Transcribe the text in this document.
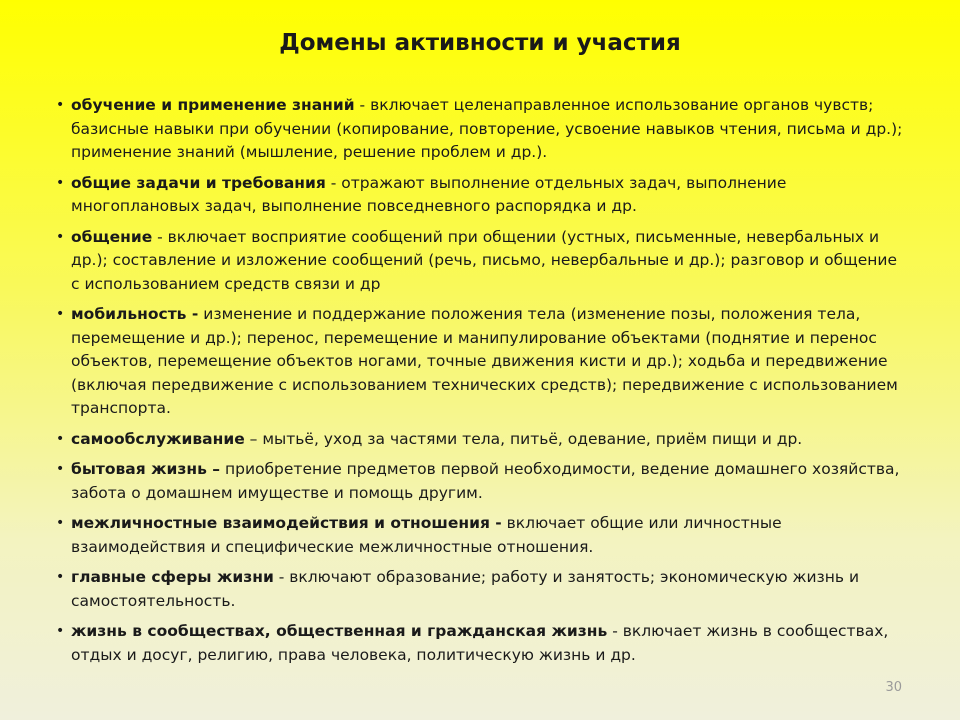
Домены активности и участия
• обучение и применение знаний - включает целенаправленное использование органов чувств; базисные навыки при обучении (копирование, повторение, усвоение навыков чтения, письма и др.); применение знаний (мышление, решение проблем и др.).
• общие задачи и требования - отражают выполнение отдельных задач, выполнение многоплановых задач, выполнение повседневного распорядка и др.
• общение - включает восприятие сообщений при общении (устных, письменные, невербальных и др.); составление и изложение сообщений (речь, письмо, невербальные и др.); разговор и общение с использованием средств связи и др
• мобильность - изменение и поддержание положения тела (изменение позы, положения тела, перемещение и др.); перенос, перемещение и манипулирование объектами (поднятие и перенос объектов, перемещение объектов ногами, точные движения кисти и др.); ходьба и передвижение (включая передвижение с использованием технических средств); передвижение с использованием транспорта.
• самообслуживание – мытьё, уход за частями тела, питьё, одевание, приём пищи и др.
• бытовая жизнь – приобретение предметов первой необходимости, ведение домашнего хозяйства, забота о домашнем имуществе и помощь другим.
• межличностные взаимодействия и отношения - включает общие или личностные взаимодействия и специфические межличностные отношения.
• главные сферы жизни - включают образование; работу и занятость; экономическую жизнь и самостоятельность.
• жизнь в сообществах, общественная и гражданская жизнь - включает жизнь в сообществах, отдых и досуг, религию, права человека, политическую жизнь и др.
30
